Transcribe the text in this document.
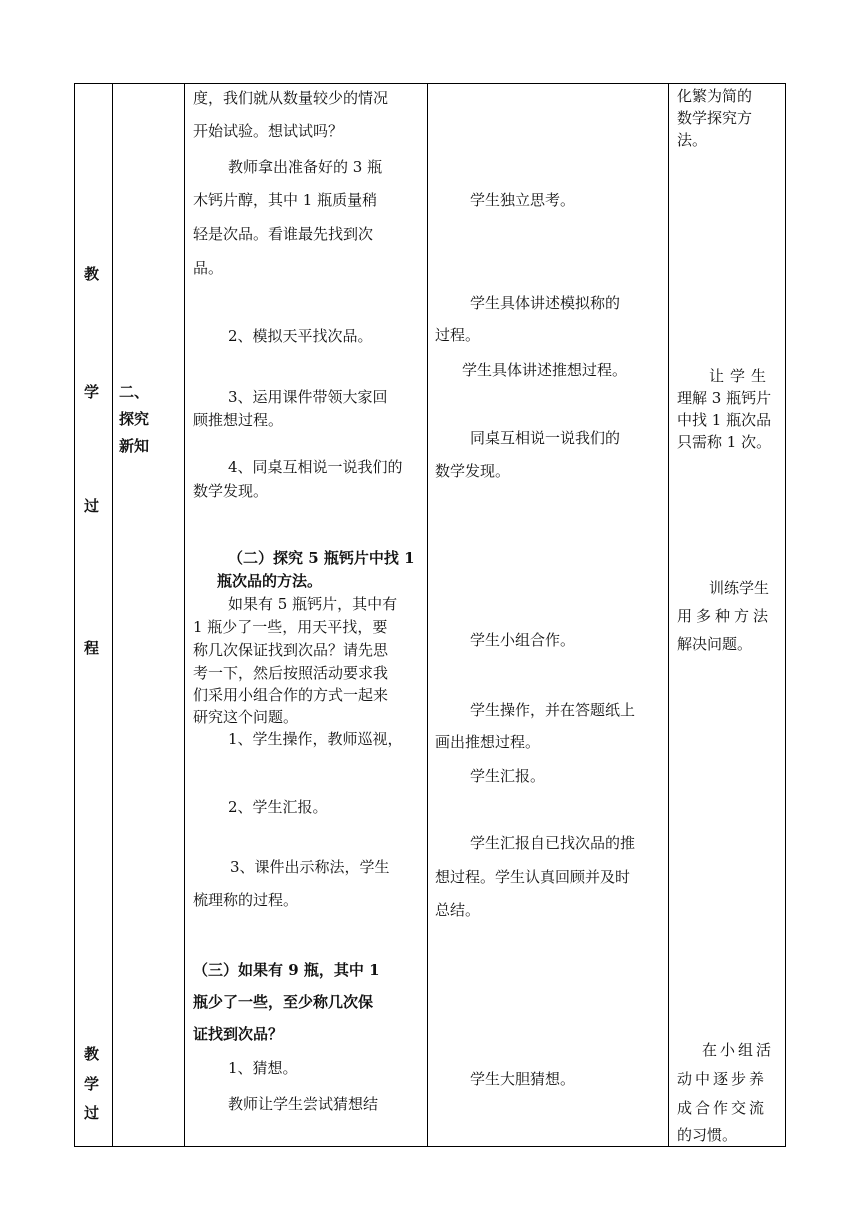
教
学
过
程
教
学
过
二、
探究
新知
度，我们就从数量较少的情况
开始试验。想试试吗？
教师拿出准备好的 3 瓶
木钙片醇，其中 1 瓶质量稍
轻是次品。看谁最先找到次
品。
2、模拟天平找次品。
3、运用课件带领大家回
顾推想过程。
4、同桌互相说一说我们的
数学发现。
（二）探究 5 瓶钙片中找 1
瓶次品的方法。
如果有 5 瓶钙片，其中有
1 瓶少了一些，用天平找，要
称几次保证找到次品？请先思
考一下，然后按照活动要求我
们采用小组合作的方式一起来
研究这个问题。
1、学生操作，教师巡视，
2、学生汇报。
3、课件出示称法，学生
梳理称的过程。
（三）如果有 9 瓶，其中 1
瓶少了一些，至少称几次保
证找到次品？
1、猜想。
教师让学生尝试猜想结
学生独立思考。
学生具体讲述模拟称的
过程。
学生具体讲述推想过程。
同桌互相说一说我们的
数学发现。
学生小组合作。
学生操作，并在答题纸上
画出推想过程。
学生汇报。
学生汇报自已找次品的推
想过程。学生认真回顾并及时
总结。
学生大胆猜想。
化繁为简的
数学探究方
法。
让学生
理解 3 瓶钙片
中找 1 瓶次品
只需称 1 次。
训练学生
用多种方法
解决问题。
在小组活
动中逐步养
成合作交流
的习惯。
